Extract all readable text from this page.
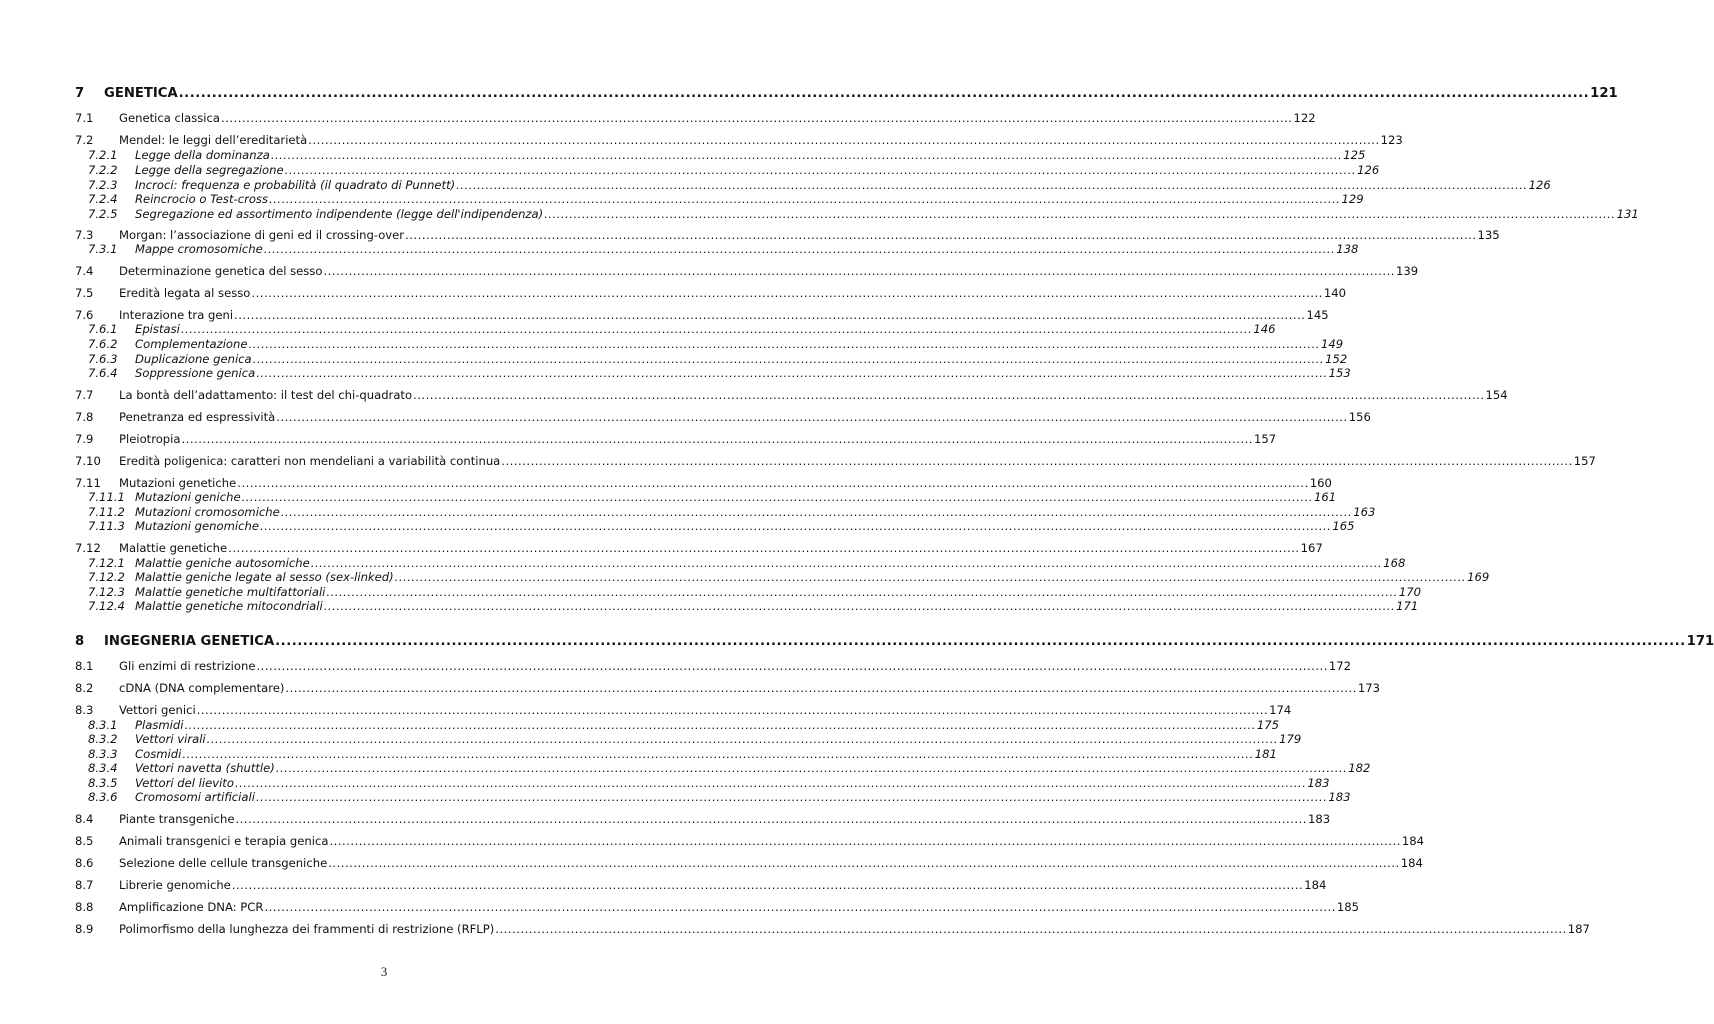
7	GENETICA .....	121
7.1	Genetica classica .....	122
7.2	Mendel: le leggi dell’ereditarietà .....	123
7.2.1	Legge della dominanza .....	125
7.2.2	Legge della segregazione .....	126
7.2.3	Incroci: frequenza e probabilità (il quadrato di Punnett) .....	126
7.2.4	Reincrocio o Test-cross .....	129
7.2.5	Segregazione ed assortimento indipendente (legge dell'indipendenza) .....	131
7.3	Morgan: l’associazione di geni ed il crossing-over .....	135
7.3.1	Mappe cromosomiche .....	138
7.4	Determinazione genetica del sesso .....	139
7.5	Eredità legata al sesso .....	140
7.6	Interazione tra geni .....	145
7.6.1	Epistasi .....	146
7.6.2	Complementazione .....	149
7.6.3	Duplicazione genica .....	152
7.6.4	Soppressione genica .....	153
7.7	La bontà dell’adattamento: il test del chi-quadrato .....	154
7.8	Penetranza ed espressività .....	156
7.9	Pleiotropia .....	157
7.10	Eredità poligenica: caratteri non mendeliani a variabilità continua .....	157
7.11	Mutazioni genetiche .....	160
7.11.1 Mutazioni geniche .....	161
7.11.2 Mutazioni cromosomiche .....	163
7.11.3 Mutazioni genomiche .....	165
7.12	Malattie genetiche .....	167
7.12.1 Malattie geniche autosomiche .....	168
7.12.2 Malattie geniche legate al sesso (sex-linked) .....	169
7.12.3 Malattie genetiche multifattoriali .....	170
7.12.4 Malattie genetiche mitocondriali .....	171
8	INGEGNERIA GENETICA .....	171
8.1	Gli enzimi di restrizione .....	172
8.2	cDNA (DNA complementare) .....	173
8.3	Vettori genici .....	174
8.3.1	Plasmidi .....	175
8.3.2	Vettori virali .....	179
8.3.3	Cosmidi .....	181
8.3.4	Vettori navetta (shuttle) .....	182
8.3.5	Vettori del lievito .....	183
8.3.6	Cromosomi artificiali .....	183
8.4	Piante transgeniche .....	183
8.5	Animali transgenici e terapia genica .....	184
8.6	Selezione delle cellule transgeniche .....	184
8.7	Librerie genomiche .....	184
8.8	Amplificazione DNA: PCR .....	185
8.9	Polimorfismo della lunghezza dei frammenti di restrizione (RFLP) .....	187
3
